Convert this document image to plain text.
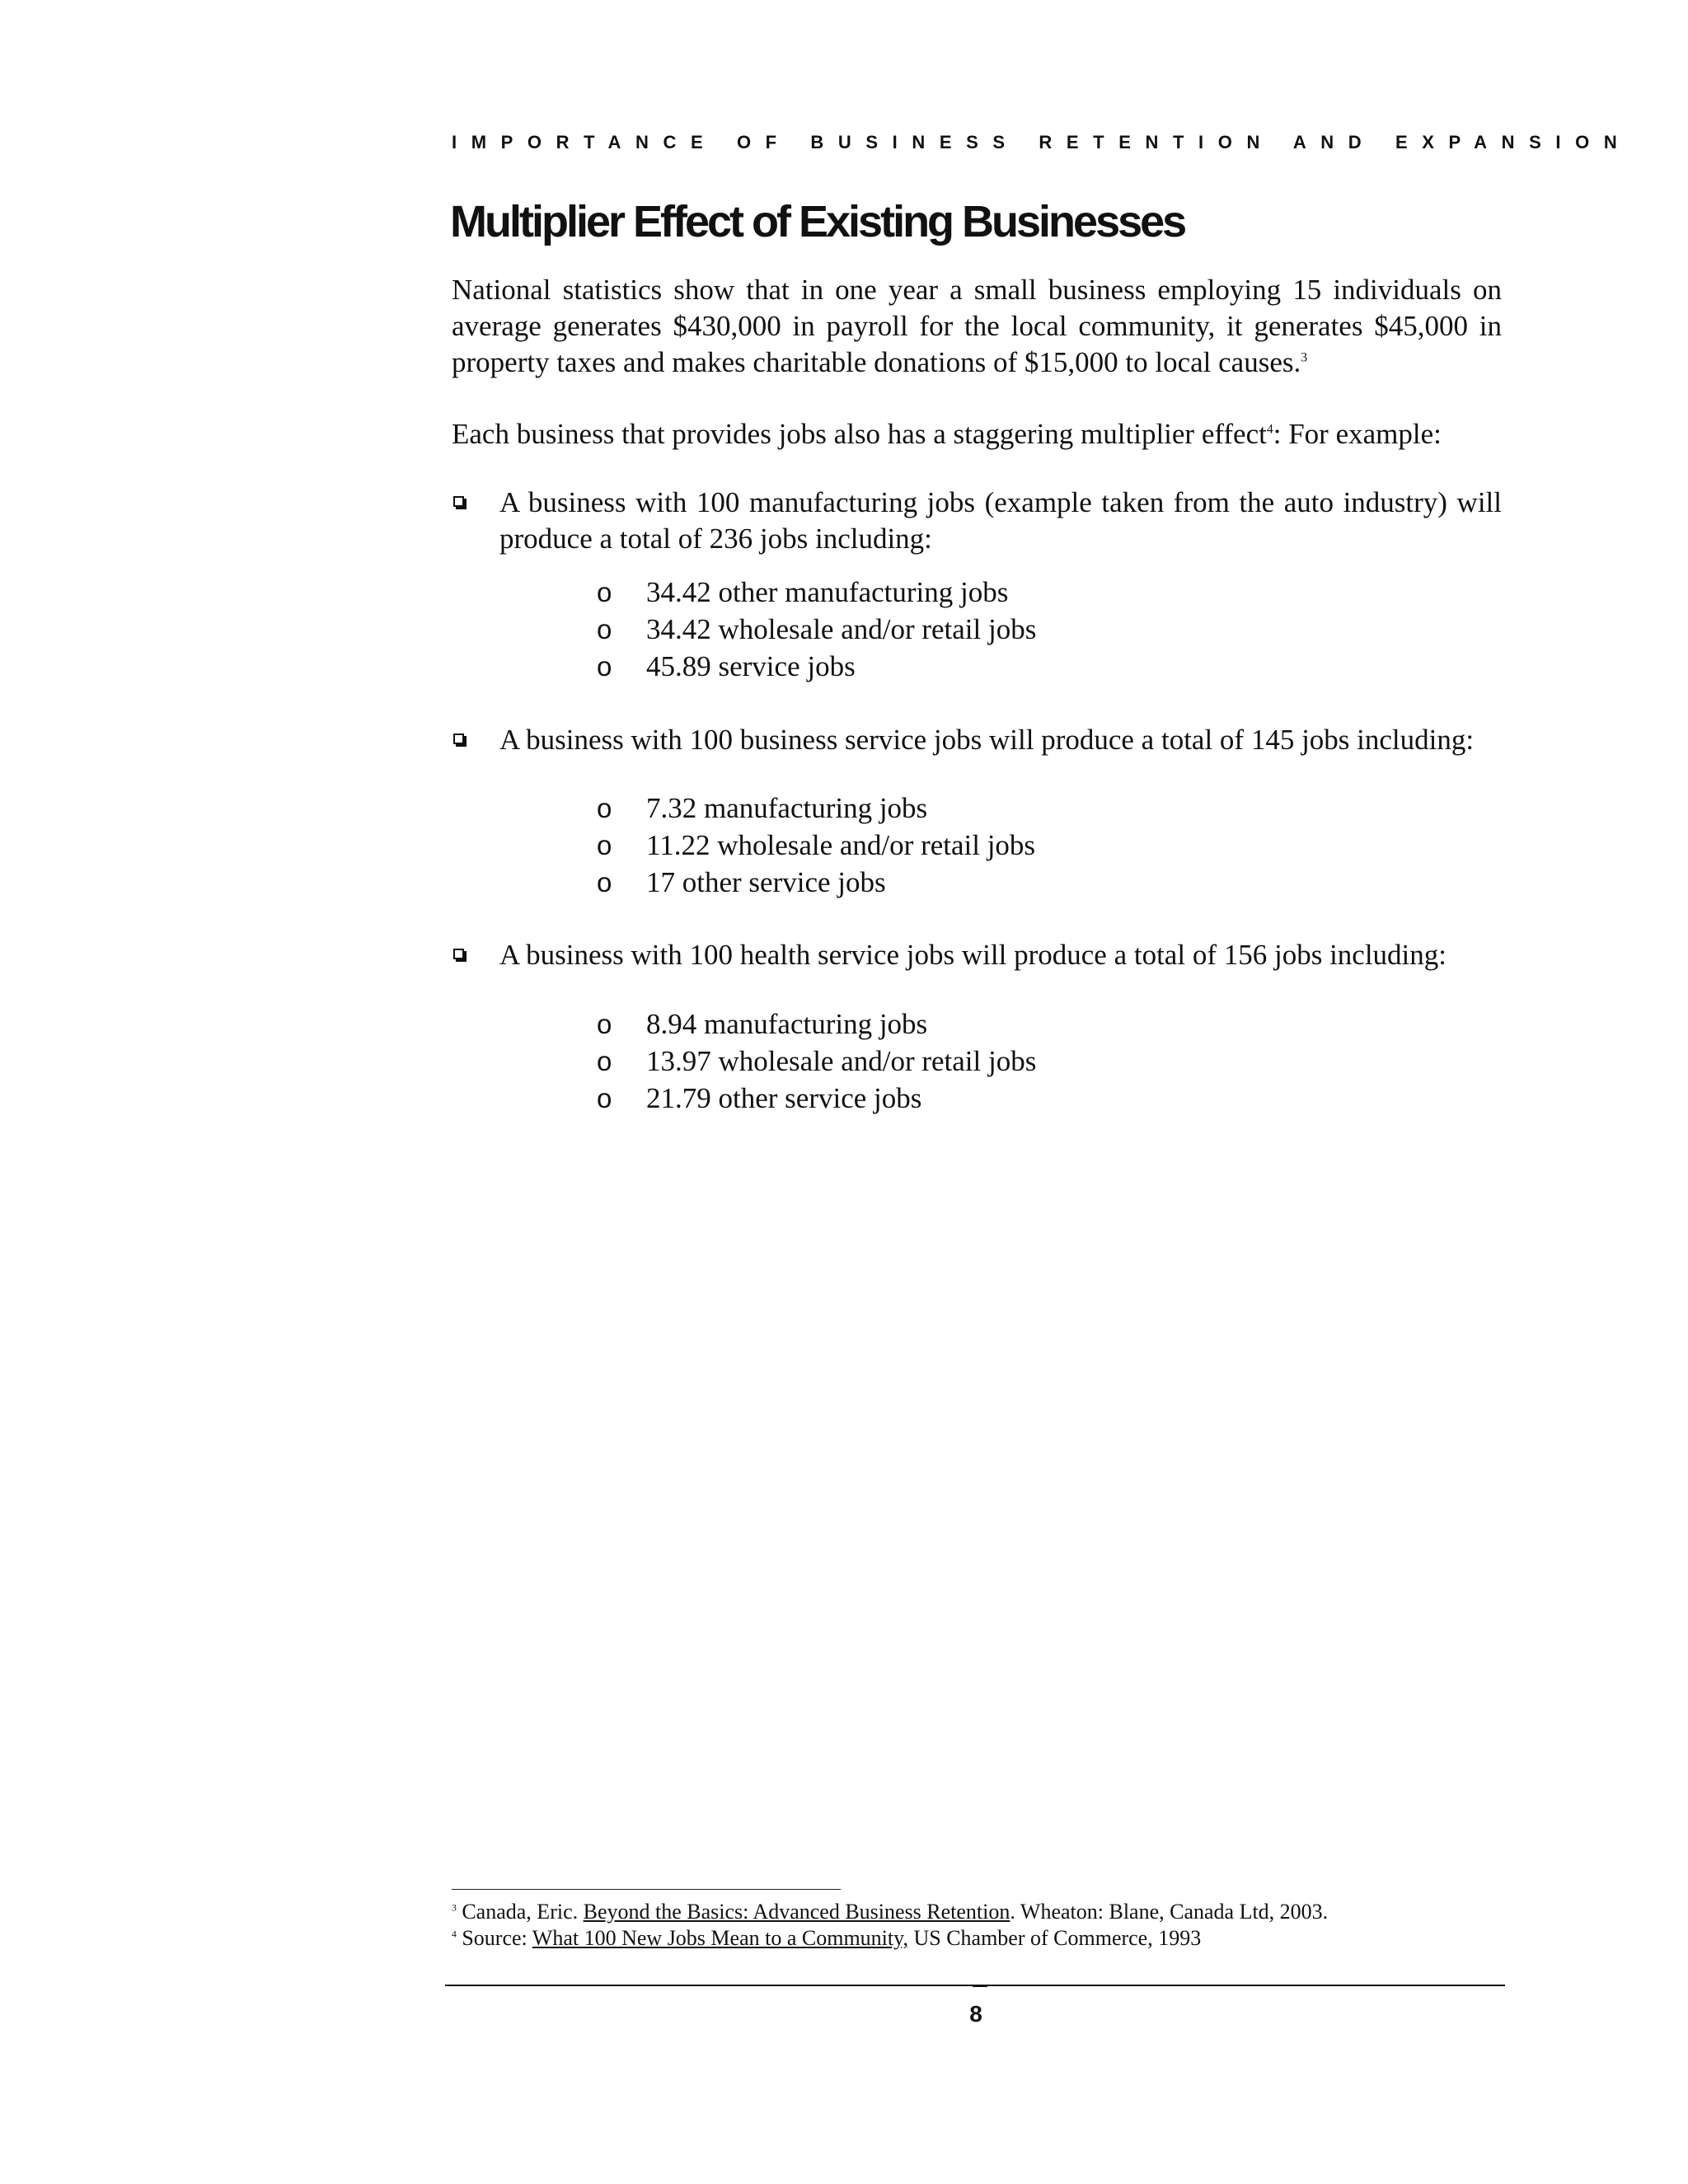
IMPORTANCE OF BUSINESS RETENTION AND EXPANSION
Multiplier Effect of Existing Businesses

National statistics show that in one year a small business employing 15 individuals on average generates $430,000 in payroll for the local community, it generates $45,000 in property taxes and makes charitable donations of $15,000 to local causes.$^3$

Each business that provides jobs also has a staggering multiplier effect$^4$: For example:

A business with 100 manufacturing jobs (example taken from the auto industry) will produce a total of 236 jobs including:

o 34.42 other manufacturing jobs
o 34.42 wholesale and/or retail jobs
o 45.89 service jobs

A business with 100 business service jobs will produce a total of 145 jobs including:

o 7.32 manufacturing jobs
o 11.22 wholesale and/or retail jobs
o 17 other service jobs

A business with 100 health service jobs will produce a total of 156 jobs including:

o 8.94 manufacturing jobs
o 13.97 wholesale and/or retail jobs
o 21.79 other service jobs
$^3$ Canada, Eric. Beyond the Basics: Advanced Business Retention. Wheaton: Blane, Canada Ltd, 2003.
$^4$ Source: What 100 New Jobs Mean to a Community, US Chamber of Commerce, 1993
8
